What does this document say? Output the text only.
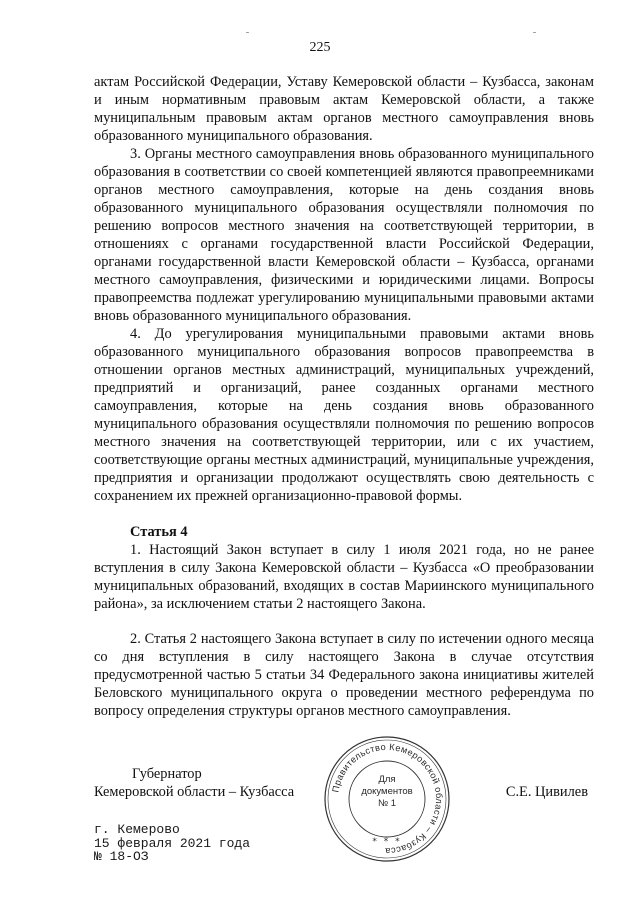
225

актам Российской Федерации, Уставу Кемеровской области – Кузбасса, законам и иным нормативным правовым актам Кемеровской области, а также муниципальным правовым актам органов местного самоуправления вновь образованного муниципального образования.

3. Органы местного самоуправления вновь образованного муниципального образования в соответствии со своей компетенцией являются правопреемниками органов местного самоуправления, которые на день создания вновь образованного муниципального образования осуществляли полномочия по решению вопросов местного значения на соответствующей территории, в отношениях с органами государственной власти Российской Федерации, органами государственной власти Кемеровской области – Кузбасса, органами местного самоуправления, физическими и юридическими лицами. Вопросы правопреемства подлежат урегулированию муниципальными правовыми актами вновь образованного муниципального образования.

4. До урегулирования муниципальными правовыми актами вновь образованного муниципального образования вопросов правопреемства в отношении органов местных администраций, муниципальных учреждений, предприятий и организаций, ранее созданных органами местного самоуправления, которые на день создания вновь образованного муниципального образования осуществляли полномочия по решению вопросов местного значения на соответствующей территории, или с их участием, соответствующие органы местных администраций, муниципальные учреждения, предприятия и организации продолжают осуществлять свою деятельность с сохранением их прежней организационно-правовой формы.

Статья 4

1. Настоящий Закон вступает в силу 1 июля 2021 года, но не ранее вступления в силу Закона Кемеровской области – Кузбасса «О преобразовании муниципальных образований, входящих в состав Мариинского муниципального района», за исключением статьи 2 настоящего Закона.

2. Статья 2 настоящего Закона вступает в силу по истечении одного месяца со дня вступления в силу настоящего Закона в случае отсутствия предусмотренной частью 5 статьи 34 Федерального закона инициативы жителей Беловского муниципального округа о проведении местного референдума по вопросу определения структуры органов местного самоуправления.

Губернатор
Кемеровской области – Кузбасса	С.Е. Цивилев
Правительство Кемеровской области – Кузбасса
Для
документов
№ 1
* * *
г. Кемерово
15 февраля 2021 года
№ 18-ОЗ
